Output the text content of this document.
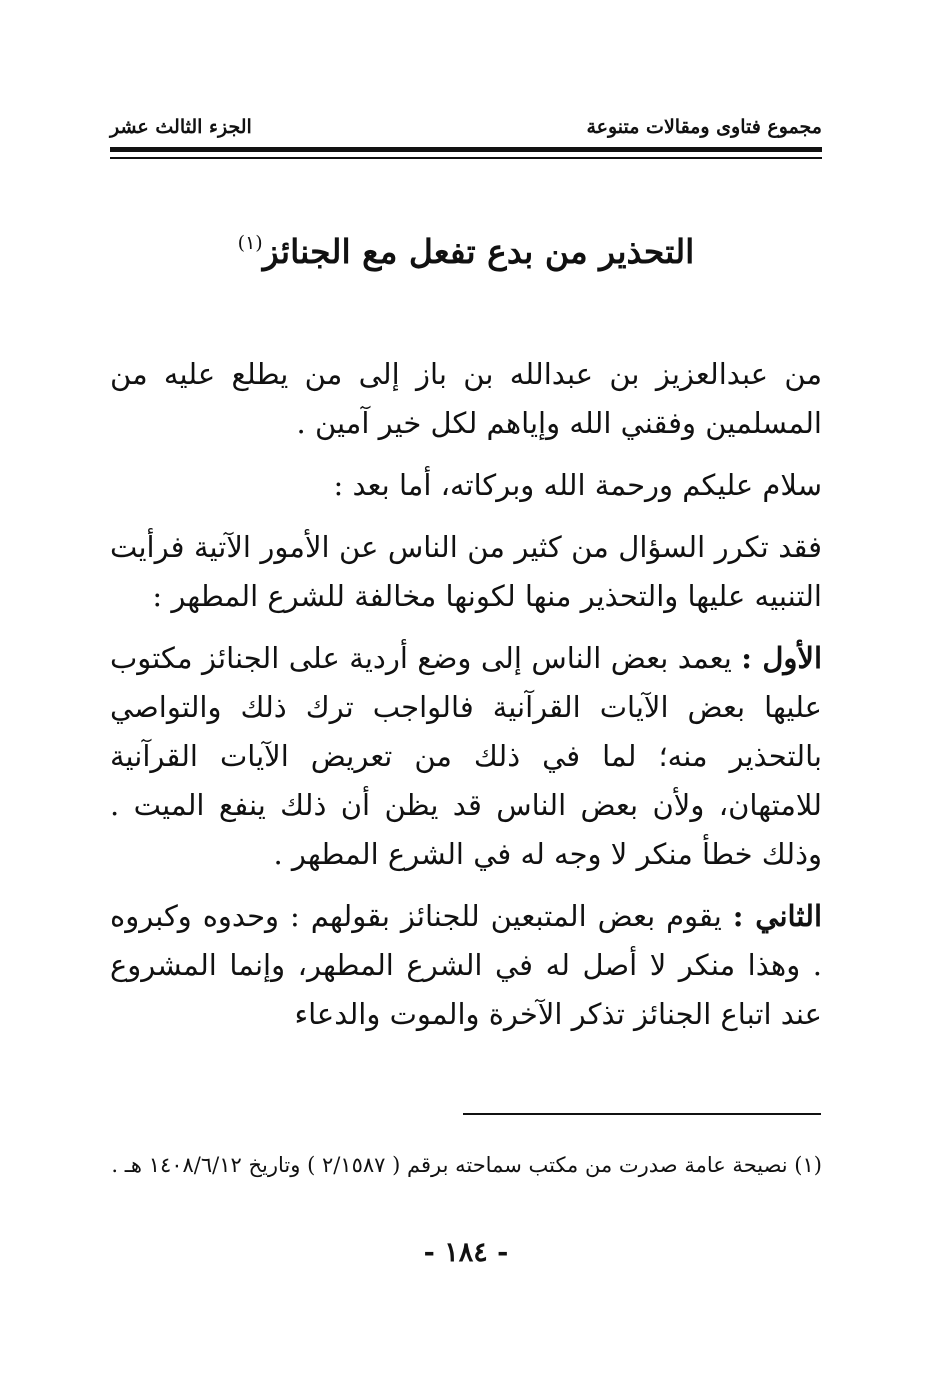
مجموع فتاوى ومقالات متنوعة
الجزء الثالث عشر
التحذير من بدع تفعل مع الجنائز$^{(١)}$

من عبدالعزيز بن عبدالله بن باز إلى من يطلع عليه من المسلمين وفقني الله وإياهم لكل خير آمين .

سلام عليكم ورحمة الله وبركاته، أما بعد :

فقد تكرر السؤال من كثير من الناس عن الأمور الآتية فرأيت التنبيه عليها والتحذير منها لكونها مخالفة للشرع المطهر :

الأول : يعمد بعض الناس إلى وضع أردية على الجنائز مكتوب عليها بعض الآيات القرآنية فالواجب ترك ذلك والتواصي بالتحذير منه؛ لما في ذلك من تعريض الآيات القرآنية للامتهان، ولأن بعض الناس قد يظن أن ذلك ينفع الميت . وذلك خطأ منكر لا وجه له في الشرع المطهر .

الثاني : يقوم بعض المتبعين للجنائز بقولهم : وحدوه وكبروه . وهذا منكر لا أصل له في الشرع المطهر، وإنما المشروع عند اتباع الجنائز تذكر الآخرة والموت والدعاء

(١) نصيحة عامة صدرت من مكتب سماحته برقم ( ٢/١٥٨٧ ) وتاريخ ١٤٠٨/٦/١٢ هـ .
- ١٨٤ -
